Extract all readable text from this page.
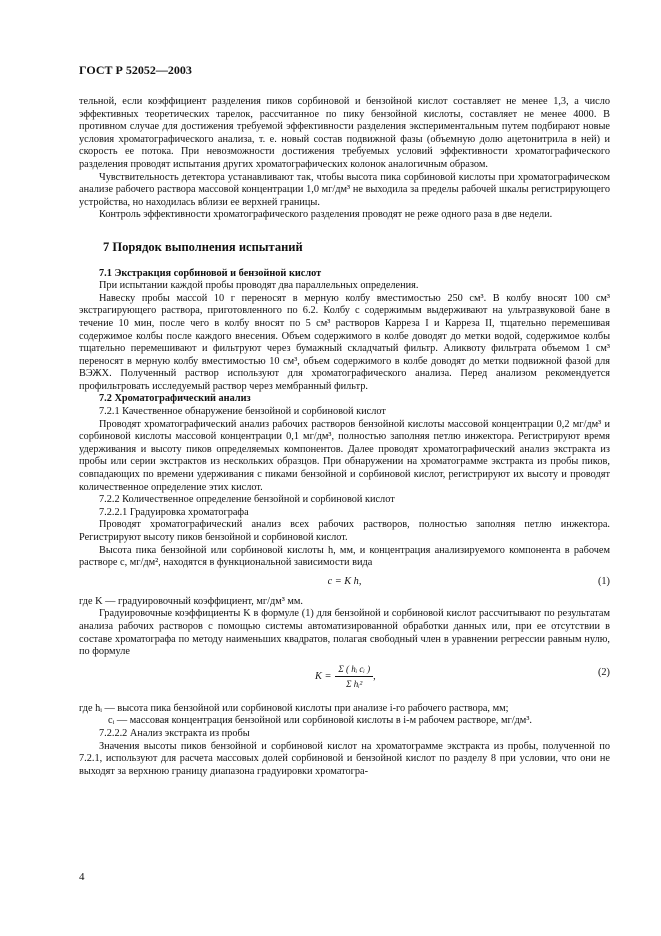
ГОСТ Р 52052—2003

тельной, если коэффициент разделения пиков сорбиновой и бензойной кислот составляет не менее 1,3, а число эффективных теоретических тарелок, рассчитанное по пику бензойной кислоты, составляет не менее 4000. В противном случае для достижения требуемой эффективности разделения экспериментальным путем подбирают новые условия хроматографического анализа, т. е. новый состав подвижной фазы (объемную долю ацетонитрила в ней) и скорость ее потока. При невозможности достижения требуемых условий эффективности хроматографического разделения проводят испытания других хроматографических колонок аналогичным образом.

Чувствительность детектора устанавливают так, чтобы высота пика сорбиновой кислоты при хроматографическом анализе рабочего раствора массовой концентрации 1,0 мг/дм³ не выходила за пределы рабочей шкалы регистрирующего устройства, но находилась вблизи ее верхней границы.

Контроль эффективности хроматографического разделения проводят не реже одного раза в две недели.

7 Порядок выполнения испытаний

7.1 Экстракция сорбиновой и бензойной кислот

При испытании каждой пробы проводят два параллельных определения.

Навеску пробы массой 10 г переносят в мерную колбу вместимостью 250 см³. В колбу вносят 100 см³ экстрагирующего раствора, приготовленного по 6.2. Колбу с содержимым выдерживают на ультразвуковой бане в течение 10 мин, после чего в колбу вносят по 5 см³ растворов Карреза I и Карреза II, тщательно перемешивая содержимое колбы после каждого внесения. Объем содержимого в колбе доводят до метки водой, содержимое колбы тщательно перемешивают и фильтруют через бумажный складчатый фильтр. Аликвоту фильтрата объемом 1 см³ переносят в мерную колбу вместимостью 10 см³, объем содержимого в колбе доводят до метки подвижной фазой для ВЭЖХ. Полученный раствор используют для хроматографического анализа. Перед анализом рекомендуется профильтровать исследуемый раствор через мембранный фильтр.

7.2 Хроматографический анализ

7.2.1 Качественное обнаружение бензойной и сорбиновой кислот

Проводят хроматографический анализ рабочих растворов бензойной кислоты массовой концентрации 0,2 мг/дм³ и сорбиновой кислоты массовой концентрации 0,1 мг/дм³, полностью заполняя петлю инжектора. Регистрируют время удерживания и высоту пиков определяемых компонентов. Далее проводят хроматографический анализ экстракта из пробы или серии экстрактов из нескольких образцов. При обнаружении на хроматограмме экстракта из пробы пиков, совпадающих по времени удерживания с пиками бензойной и сорбиновой кислот, регистрируют их высоту и проводят количественное определение этих кислот.

7.2.2 Количественное определение бензойной и сорбиновой кислот

7.2.2.1 Градуировка хроматографа

Проводят хроматографический анализ всех рабочих растворов, полностью заполняя петлю инжектора. Регистрируют высоту пиков бензойной и сорбиновой кислот.

Высота пика бензойной или сорбиновой кислоты h, мм, и концентрация анализируемого компонента в рабочем растворе c, мг/дм², находятся в функциональной зависимости вида

c = K h,	(1)

где K — градуировочный коэффициент, мг/дм³ мм.

Градуировочные коэффициенты K в формуле (1) для бензойной и сорбиновой кислот рассчитывают по результатам анализа рабочих растворов с помощью системы автоматизированной обработки данных или, при ее отсутствии в составе хроматографа по методу наименьших квадратов, полагая свободный член в уравнении регрессии равным нулю, по формуле

$K = \frac{\text{Σ ( hᵢ cᵢ )}}{\text{Σ hᵢ²}}$ ,	(2)

где hᵢ — высота пика бензойной или сорбиновой кислоты при анализе i-го рабочего раствора, мм;

cᵢ — массовая концентрация бензойной или сорбиновой кислоты в i-м рабочем растворе, мг/дм³.

7.2.2.2 Анализ экстракта из пробы

Значения высоты пиков бензойной и сорбиновой кислот на хроматограмме экстракта из пробы, полученной по 7.2.1, используют для расчета массовых долей сорбиновой и бензойной кислот по разделу 8 при условии, что они не выходят за верхнюю границу диапазона градуировки хроматогра-

4
